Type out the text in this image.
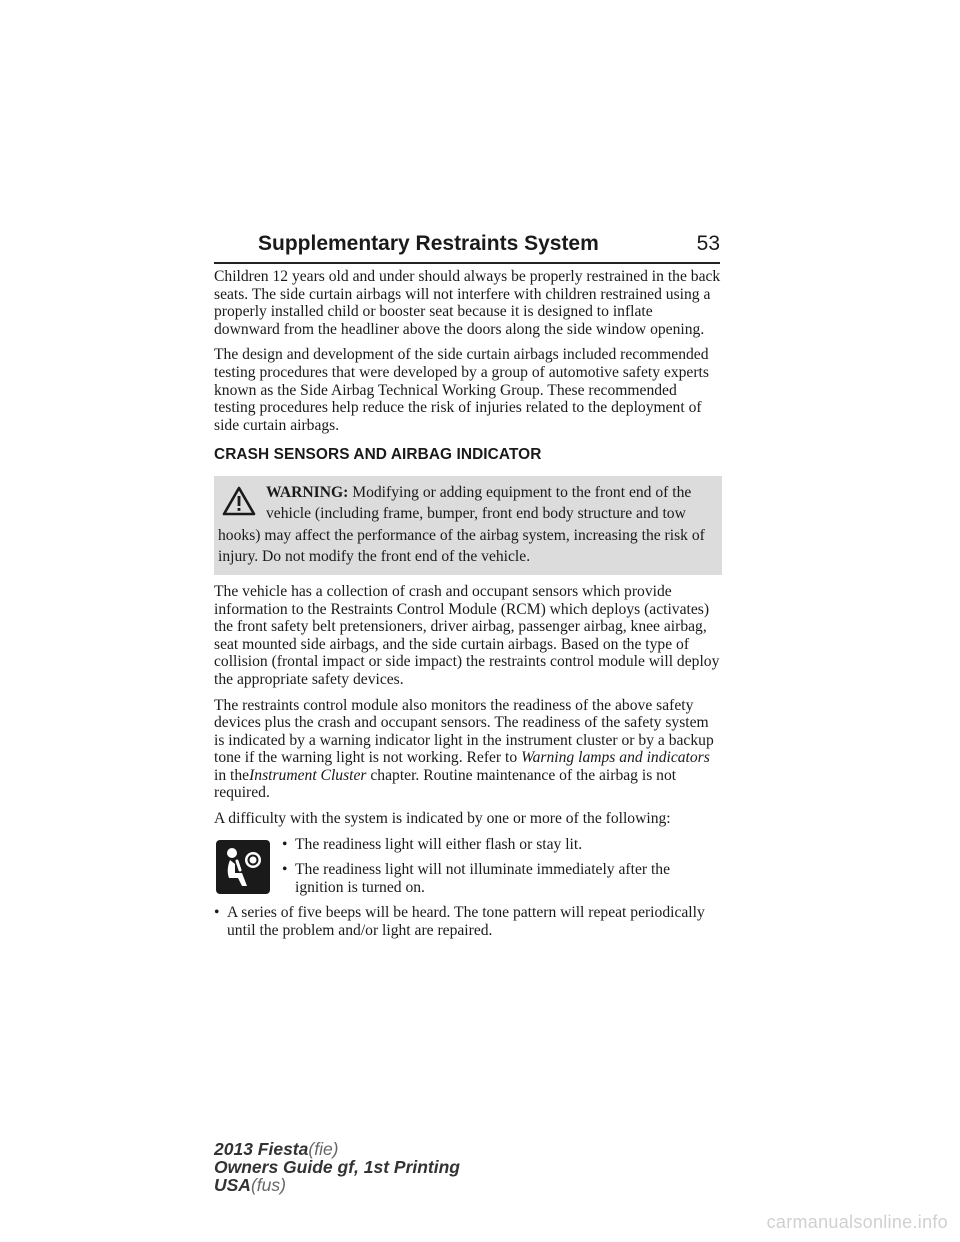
Supplementary Restraints System	53

Children 12 years old and under should always be properly restrained in the back seats. The side curtain airbags will not interfere with children restrained using a properly installed child or booster seat because it is designed to inflate downward from the headliner above the doors along the side window opening.

The design and development of the side curtain airbags included recommended testing procedures that were developed by a group of automotive safety experts known as the Side Airbag Technical Working Group. These recommended testing procedures help reduce the risk of injuries related to the deployment of side curtain airbags.

CRASH SENSORS AND AIRBAG INDICATOR
WARNING: Modifying or adding equipment to the front end of the vehicle (including frame, bumper, front end body structure and tow hooks) may affect the performance of the airbag system, increasing the risk of injury. Do not modify the front end of the vehicle.

The vehicle has a collection of crash and occupant sensors which provide information to the Restraints Control Module (RCM) which deploys (activates) the front safety belt pretensioners, driver airbag, passenger airbag, knee airbag, seat mounted side airbags, and the side curtain airbags. Based on the type of collision (frontal impact or side impact) the restraints control module will deploy the appropriate safety devices.

The restraints control module also monitors the readiness of the above safety devices plus the crash and occupant sensors. The readiness of the safety system is indicated by a warning indicator light in the instrument cluster or by a backup tone if the warning light is not working. Refer to Warning lamps and indicators in theInstrument Cluster chapter. Routine maintenance of the airbag is not required.

A difficulty with the system is indicated by one or more of the following:

• The readiness light will either flash or stay lit.
• The readiness light will not illuminate immediately after the ignition is turned on.
• A series of five beeps will be heard. The tone pattern will repeat periodically until the problem and/or light are repaired.
2013 Fiesta(fie)
Owners Guide gf, 1st Printing
USA(fus)
carmanualsonline.info
